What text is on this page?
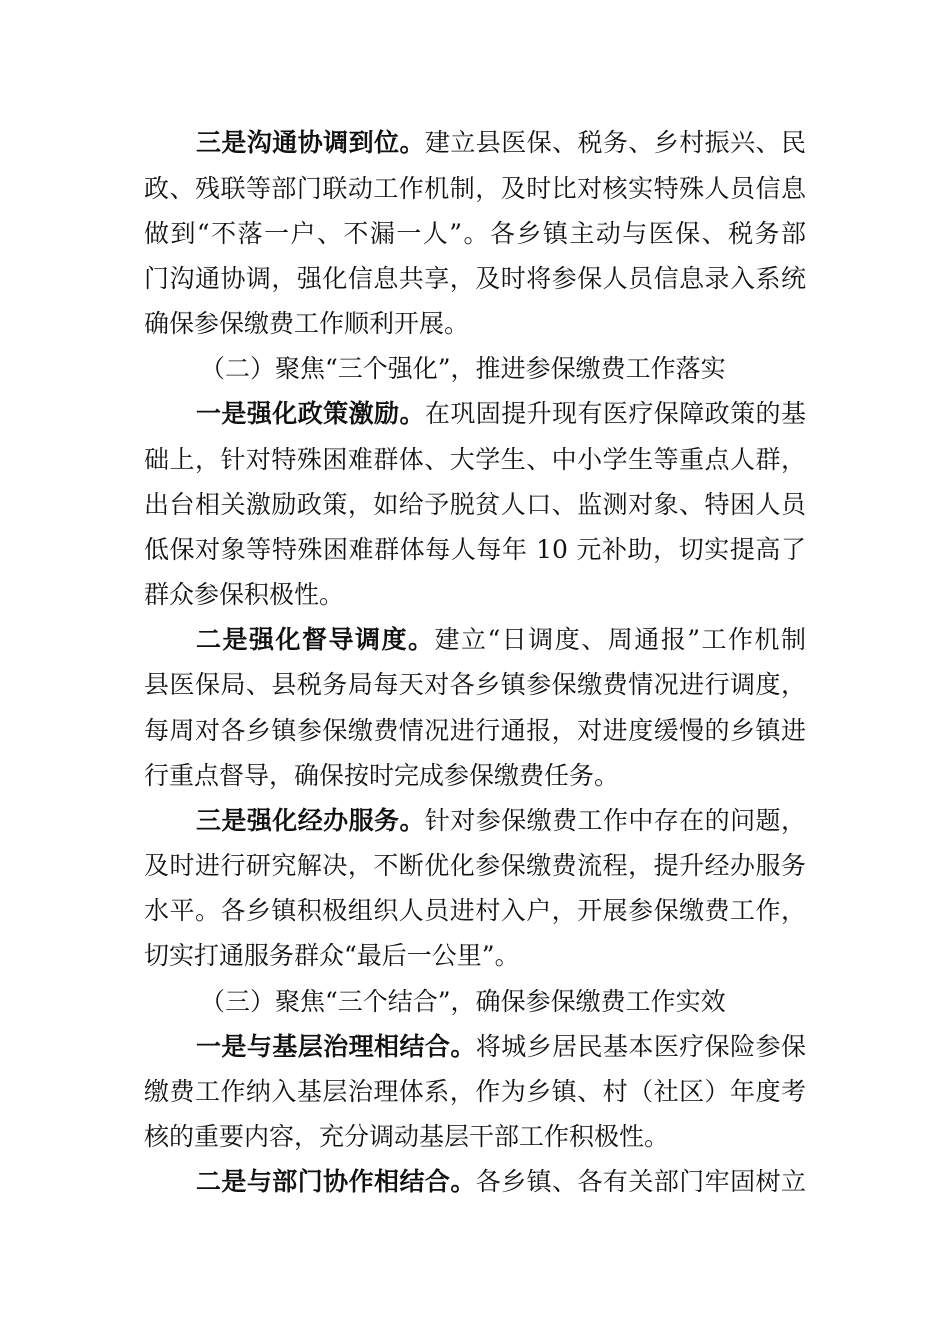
三是沟通协调到位。建立县医保、税务、乡村振兴、民
政、残联等部门联动工作机制，及时比对核实特殊人员信息
做到“不落一户、不漏一人”。各乡镇主动与医保、税务部
门沟通协调，强化信息共享，及时将参保人员信息录入系统
确保参保缴费工作顺利开展。
（二）聚焦“三个强化”，推进参保缴费工作落实
一是强化政策激励。在巩固提升现有医疗保障政策的基
础上，针对特殊困难群体、大学生、中小学生等重点人群，
出台相关激励政策，如给予脱贫人口、监测对象、特困人员
低保对象等特殊困难群体每人每年 10 元补助，切实提高了
群众参保积极性。
二是强化督导调度。建立“日调度、周通报”工作机制
县医保局、县税务局每天对各乡镇参保缴费情况进行调度，
每周对各乡镇参保缴费情况进行通报，对进度缓慢的乡镇进
行重点督导，确保按时完成参保缴费任务。
三是强化经办服务。针对参保缴费工作中存在的问题，
及时进行研究解决，不断优化参保缴费流程，提升经办服务
水平。各乡镇积极组织人员进村入户，开展参保缴费工作，
切实打通服务群众“最后一公里”。
（三）聚焦“三个结合”，确保参保缴费工作实效
一是与基层治理相结合。将城乡居民基本医疗保险参保
缴费工作纳入基层治理体系，作为乡镇、村（社区）年度考
核的重要内容，充分调动基层干部工作积极性。
二是与部门协作相结合。各乡镇、各有关部门牢固树立
